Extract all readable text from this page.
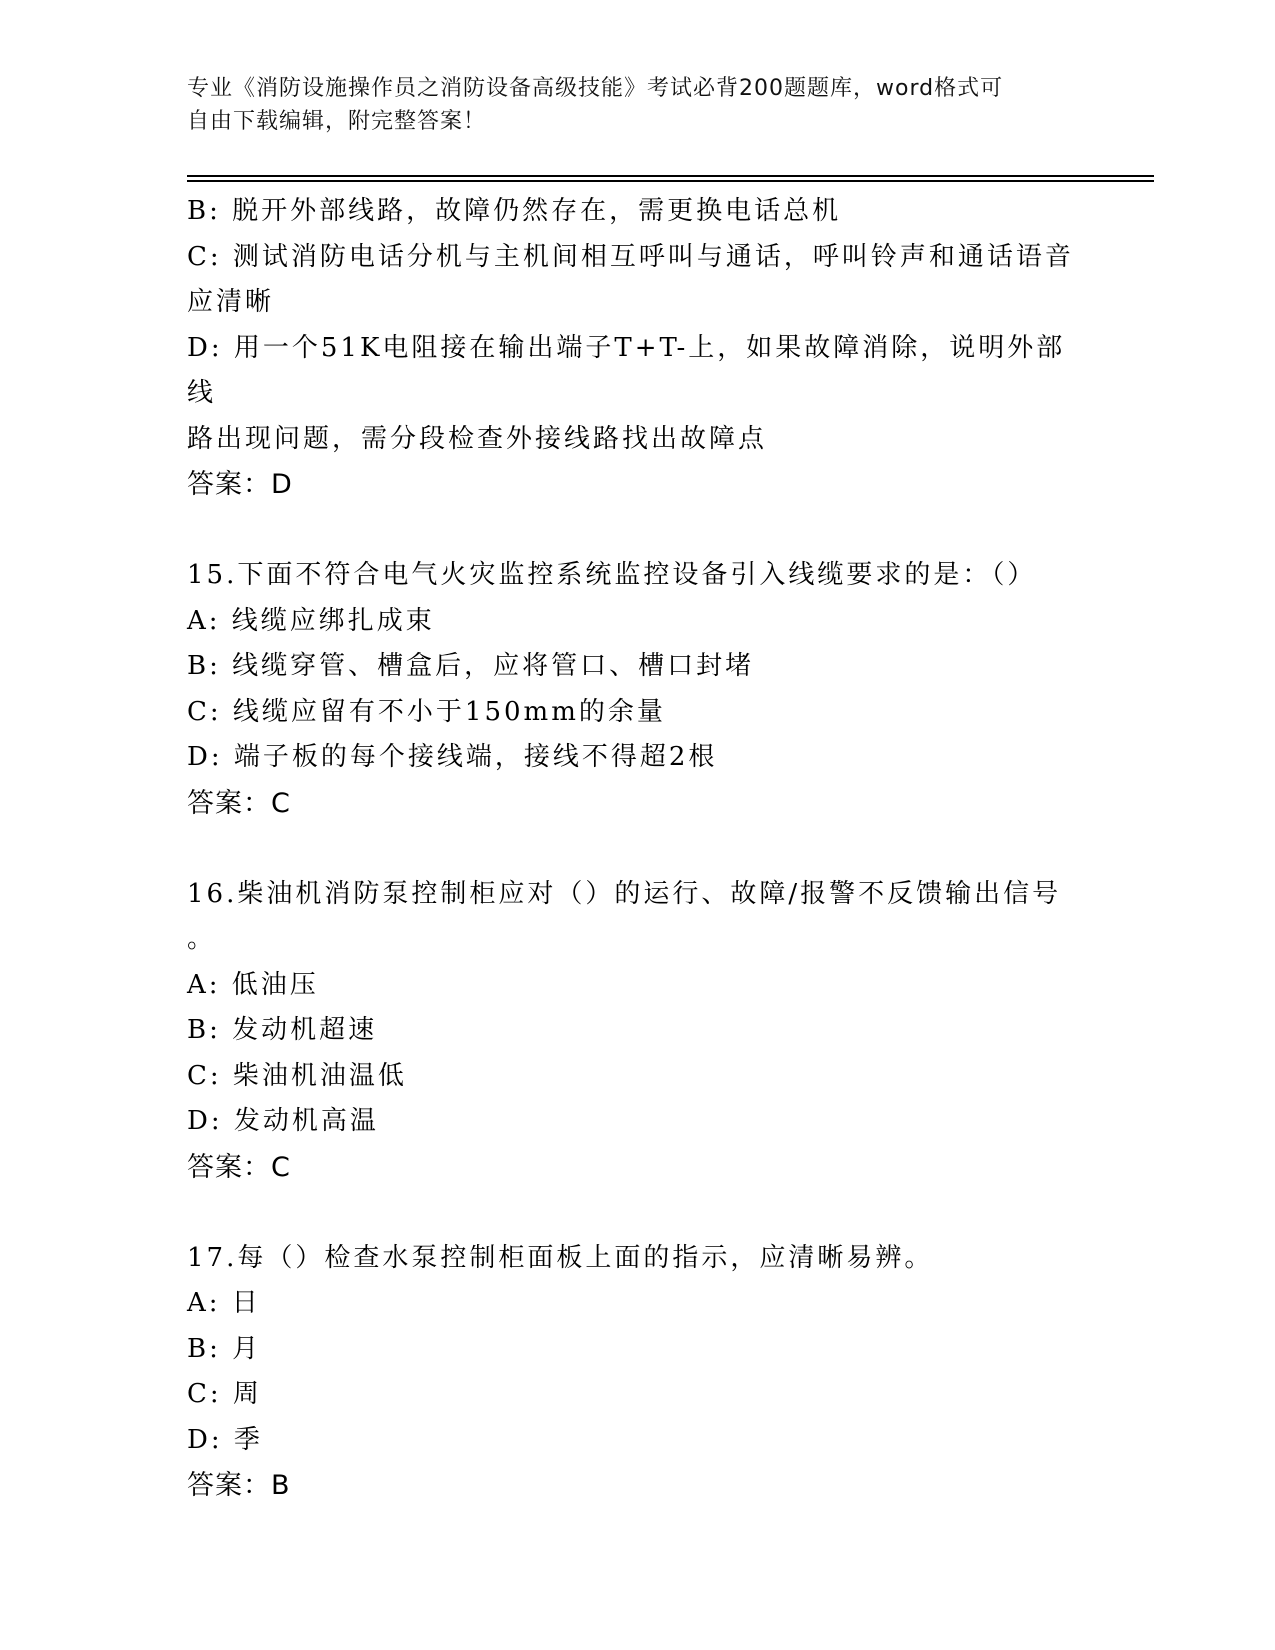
专业《消防设施操作员之消防设备高级技能》考试必背200题题库，word格式可
自由下载编辑，附完整答案！
B: 脱开外部线路，故障仍然存在，需更换电话总机
C: 测试消防电话分机与主机间相互呼叫与通话，呼叫铃声和通话语音
应清晰
D: 用一个51K电阻接在输出端子T+T-上，如果故障消除，说明外部线
路出现问题，需分段检查外接线路找出故障点
答案：D
15.下面不符合电气火灾监控系统监控设备引入线缆要求的是：（）
A: 线缆应绑扎成束
B: 线缆穿管、槽盒后，应将管口、槽口封堵
C: 线缆应留有不小于150mm的余量
D: 端子板的每个接线端，接线不得超2根
答案：C
16.柴油机消防泵控制柜应对（）的运行、故障/报警不反馈输出信号
。
A: 低油压
B: 发动机超速
C: 柴油机油温低
D: 发动机高温
答案：C
17.每（）检查水泵控制柜面板上面的指示，应清晰易辨。
A: 日
B: 月
C: 周
D: 季
答案：B
